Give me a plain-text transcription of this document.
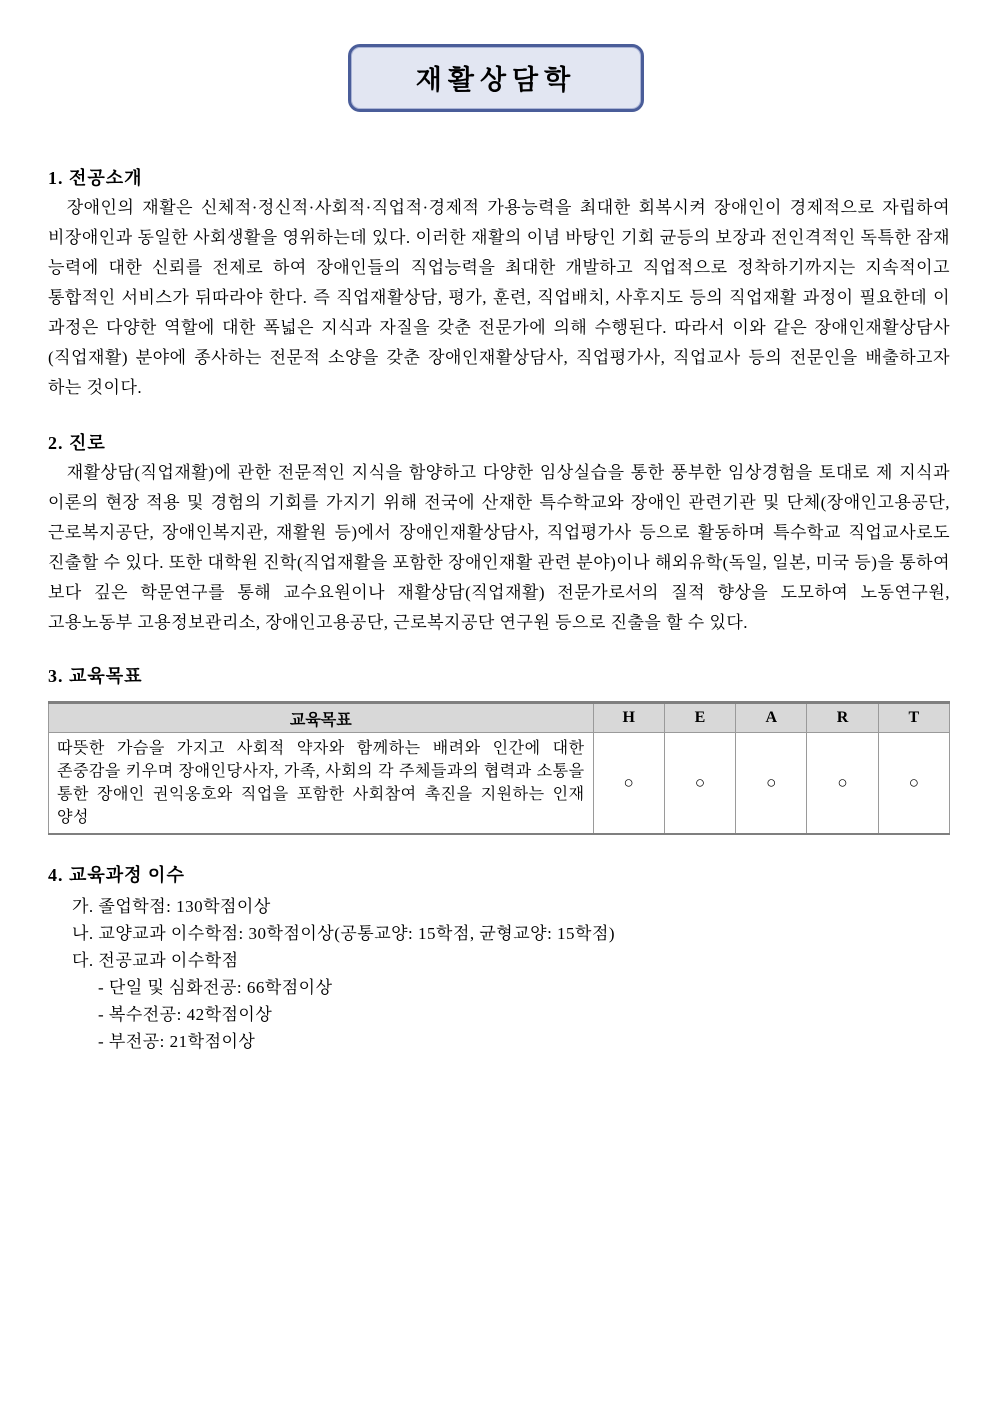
재활상담학
1. 전공소개

장애인의 재활은 신체적·정신적·사회적·직업적·경제적 가용능력을 최대한 회복시켜 장애인이 경제적으로 자립하여 비장애인과 동일한 사회생활을 영위하는데 있다. 이러한 재활의 이념 바탕인 기회 균등의 보장과 전인격적인 독특한 잠재 능력에 대한 신뢰를 전제로 하여 장애인들의 직업능력을 최대한 개발하고 직업적으로 정착하기까지는 지속적이고 통합적인 서비스가 뒤따라야 한다. 즉 직업재활상담, 평가, 훈련, 직업배치, 사후지도 등의 직업재활 과정이 필요한데 이 과정은 다양한 역할에 대한 폭넓은 지식과 자질을 갖춘 전문가에 의해 수행된다. 따라서 이와 같은 장애인재활상담사(직업재활) 분야에 종사하는 전문적 소양을 갖춘 장애인재활상담사, 직업평가사, 직업교사 등의 전문인을 배출하고자 하는 것이다.

2. 진로

재활상담(직업재활)에 관한 전문적인 지식을 함양하고 다양한 임상실습을 통한 풍부한 임상경험을 토대로 제 지식과 이론의 현장 적용 및 경험의 기회를 가지기 위해 전국에 산재한 특수학교와 장애인 관련기관 및 단체(장애인고용공단, 근로복지공단, 장애인복지관, 재활원 등)에서 장애인재활상담사, 직업평가사 등으로 활동하며 특수학교 직업교사로도 진출할 수 있다. 또한 대학원 진학(직업재활을 포함한 장애인재활 관련 분야)이나 해외유학(독일, 일본, 미국 등)을 통하여 보다 깊은 학문연구를 통해 교수요원이나 재활상담(직업재활) 전문가로서의 질적 향상을 도모하여 노동연구원, 고용노동부 고용정보관리소, 장애인고용공단, 근로복지공단 연구원 등으로 진출을 할 수 있다.

3. 교육목표
교육목표	H	E	A	R	T
따뜻한 가슴을 가지고 사회적 약자와 함께하는 배려와 인간에 대한 존중감을 키우며 장애인당사자, 가족, 사회의 각 주체들과의 협력과 소통을 통한 장애인 권익옹호와 직업을 포함한 사회참여 촉진을 지원하는 인재 양성	○	○	○	○	○
4. 교육과정 이수

가. 졸업학점: 130학점이상

나. 교양교과 이수학점: 30학점이상(공통교양: 15학점, 균형교양: 15학점)

다. 전공교과 이수학점

- 단일 및 심화전공: 66학점이상

- 복수전공: 42학점이상

- 부전공: 21학점이상
